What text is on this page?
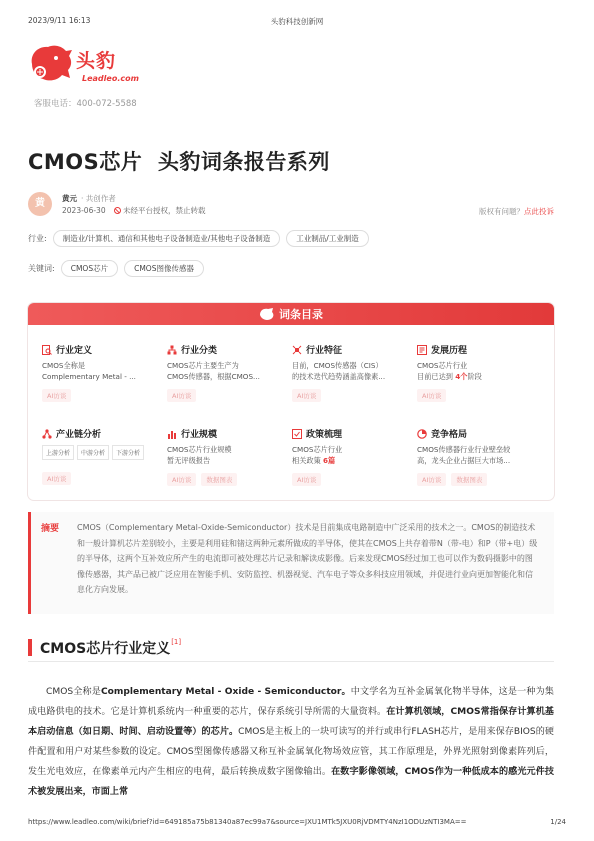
2023/9/11 16:13	头豹科技创新网
头豹
Leadleo.com
客服电话：400-072-5588
CMOS芯片  头豹词条报告系列
黄	黄元 · 共创作者
2023-06-30 未经平台授权，禁止转载	版权有问题？点此投诉
行业:	制造业/计算机、通信和其他电子设备制造业/其他电子设备制造	工业制品/工业制造
关键词:	CMOS芯片	CMOS图像传感器
词条目录
行业定义
CMOS全称是
Complementary Metal - ...
AI访谈
行业分类
CMOS芯片主要生产为
CMOS传感器，根据CMOS...
AI访谈
行业特征
目前，CMOS传感器（CIS）
的技术迭代趋势涵盖高像素...
AI访谈
发展历程
CMOS芯片行业
目前已达到 4个阶段
AI访谈
产业链分析
上游分析	中游分析	下游分析
AI访谈
行业规模
CMOS芯片行业规模
暂无评级报告
AI访谈	数据图表
政策梳理
CMOS芯片行业
相关政策 6篇
AI访谈
竞争格局
CMOS传感器行业行业壁垒较
高，龙头企业占据巨大市场...
AI访谈	数据图表
摘要 CMOS（Complementary Metal-Oxide-Semiconductor）技术是目前集成电路制造中广泛采用的技术之一。CMOS的制造技术和一般计算机芯片差别较小，主要是利用硅和锗这两种元素所做成的半导体，使其在CMOS上共存着带N（带-电）和P（带+电）级的半导体，这两个互补效应所产生的电流即可被处理芯片记录和解读成影像。后来发现CMOS经过加工也可以作为数码摄影中的图像传感器，其产品已被广泛应用在智能手机、安防监控、机器视觉、汽车电子等众多科技应用领域，并促进行业向更加智能化和信息化方向发展。

CMOS芯片行业定义[1]

CMOS全称是Complementary Metal - Oxide - Semiconductor。中文学名为互补金属氧化物半导体，这是一种为集成电路供电的技术。它是计算机系统内一种重要的芯片，保存系统引导所需的大量资料。在计算机领域，CMOS常指保存计算机基本启动信息（如日期、时间、启动设置等）的芯片。CMOS是主板上的一块可读写的并行或串行FLASH芯片，是用来保存BIOS的硬件配置和用户对某些参数的设定。CMOS型图像传感器又称互补金属氧化物场效应管，其工作原理是，外界光照射到像素阵列后，发生光电效应，在像素单元内产生相应的电荷，最后转换成数字图像输出。在数字影像领域，CMOS作为一种低成本的感光元件技术被发展出来，市面上常

https://www.leadleo.com/wiki/brief?id=649185a75b81340a87ec99a7&source=JXU1MTk5JXU0RjVDMTY4NzI1ODUzNTI3MA==	1/24
